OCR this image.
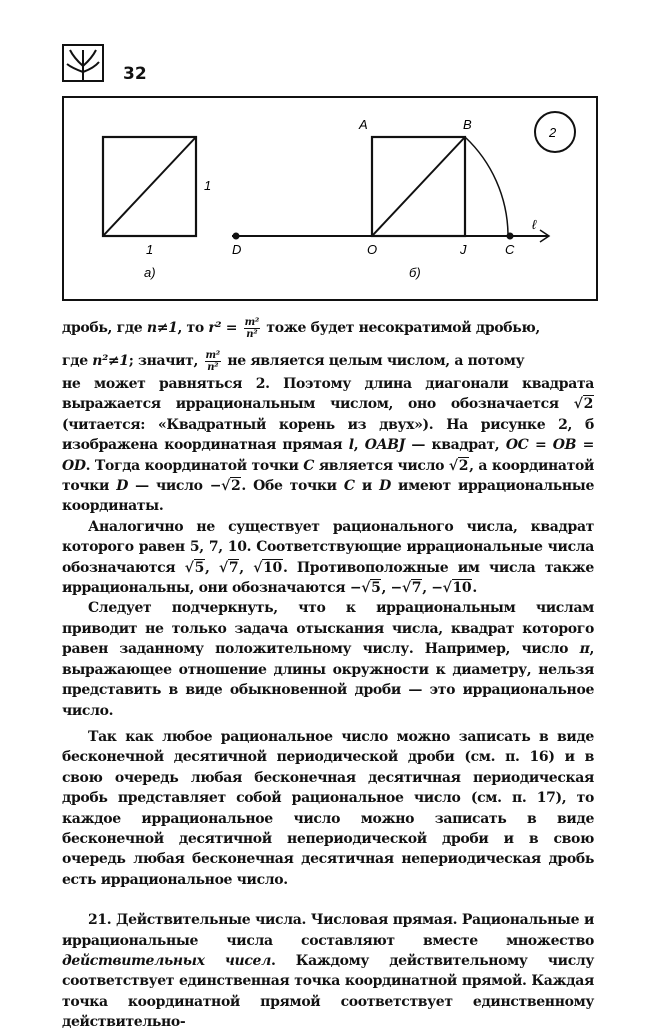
32
1
1
а)
2
A	B
D	O	J	C
ℓ
б)

дробь, где n≠1, то $r^2 = \frac{\text{m²}}{\text{n²}}$ тоже будет несократимой дробью,

где n²≠1; значит, $\frac{\text{m²}}{\text{n²}}$ не является целым числом, а потому

не может равняться 2. Поэтому длина диагонали квадрата выражается иррациональным числом, оно обозначается √2 (читается: «Квадратный корень из двух»). На рисунке 2, б изображена координатная прямая l, OABJ — квадрат, OC = OB = OD. Тогда координатой точки C является число √2, а координатой точки D — число −√2. Обе точки C и D имеют иррациональные координаты.

Аналогично не существует рационального числа, квадрат которого равен 5, 7, 10. Соответствующие иррациональные числа обозначаются √5, √7, √10. Противоположные им числа также иррациональны, они обозначаются −√5, −√7, −√10.

Следует подчеркнуть, что к иррациональным числам приводит не только задача отыскания числа, квадрат которого равен заданному положительному числу. Например, число π, выражающее отношение длины окружности к диаметру, нельзя представить в виде обыкновенной дроби — это иррациональное число.

Так как любое рациональное число можно записать в виде бесконечной десятичной периодической дроби (см. п. 16) и в свою очередь любая бесконечная десятичная периодическая дробь представляет собой рациональное число (см. п. 17), то каждое иррациональное число можно записать в виде бесконечной десятичной непериодической дроби и в свою очередь любая бесконечная десятичная непериодическая дробь есть иррациональное число.

21. Действительные числа. Числовая прямая. Рациональные и иррациональные числа составляют вместе множество действительных чисел. Каждому действительному числу соответствует единственная точка координатной прямой. Каждая точка координатной прямой соответствует единственному действительно-
